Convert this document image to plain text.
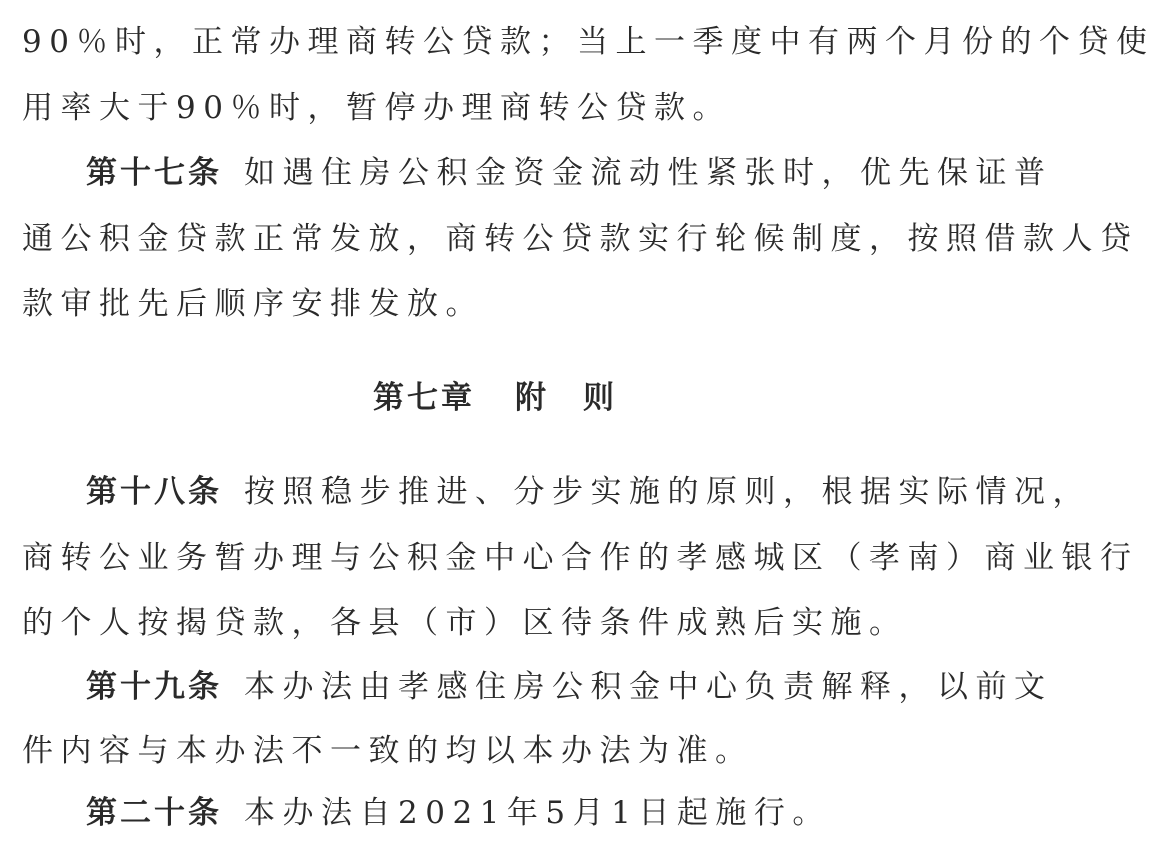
90％时，正常办理商转公贷款；当上一季度中有两个月份的个贷使
用率大于90％时，暂停办理商转公贷款。
第十七条 如遇住房公积金资金流动性紧张时，优先保证普
通公积金贷款正常发放，商转公贷款实行轮候制度，按照借款人贷
款审批先后顺序安排发放。
第七章 附　则
第十八条 按照稳步推进、分步实施的原则，根据实际情况，
商转公业务暂办理与公积金中心合作的孝感城区（孝南）商业银行
的个人按揭贷款，各县（市）区待条件成熟后实施。
第十九条 本办法由孝感住房公积金中心负责解释，以前文
件内容与本办法不一致的均以本办法为准。
第二十条 本办法自2021年5月1日起施行。
